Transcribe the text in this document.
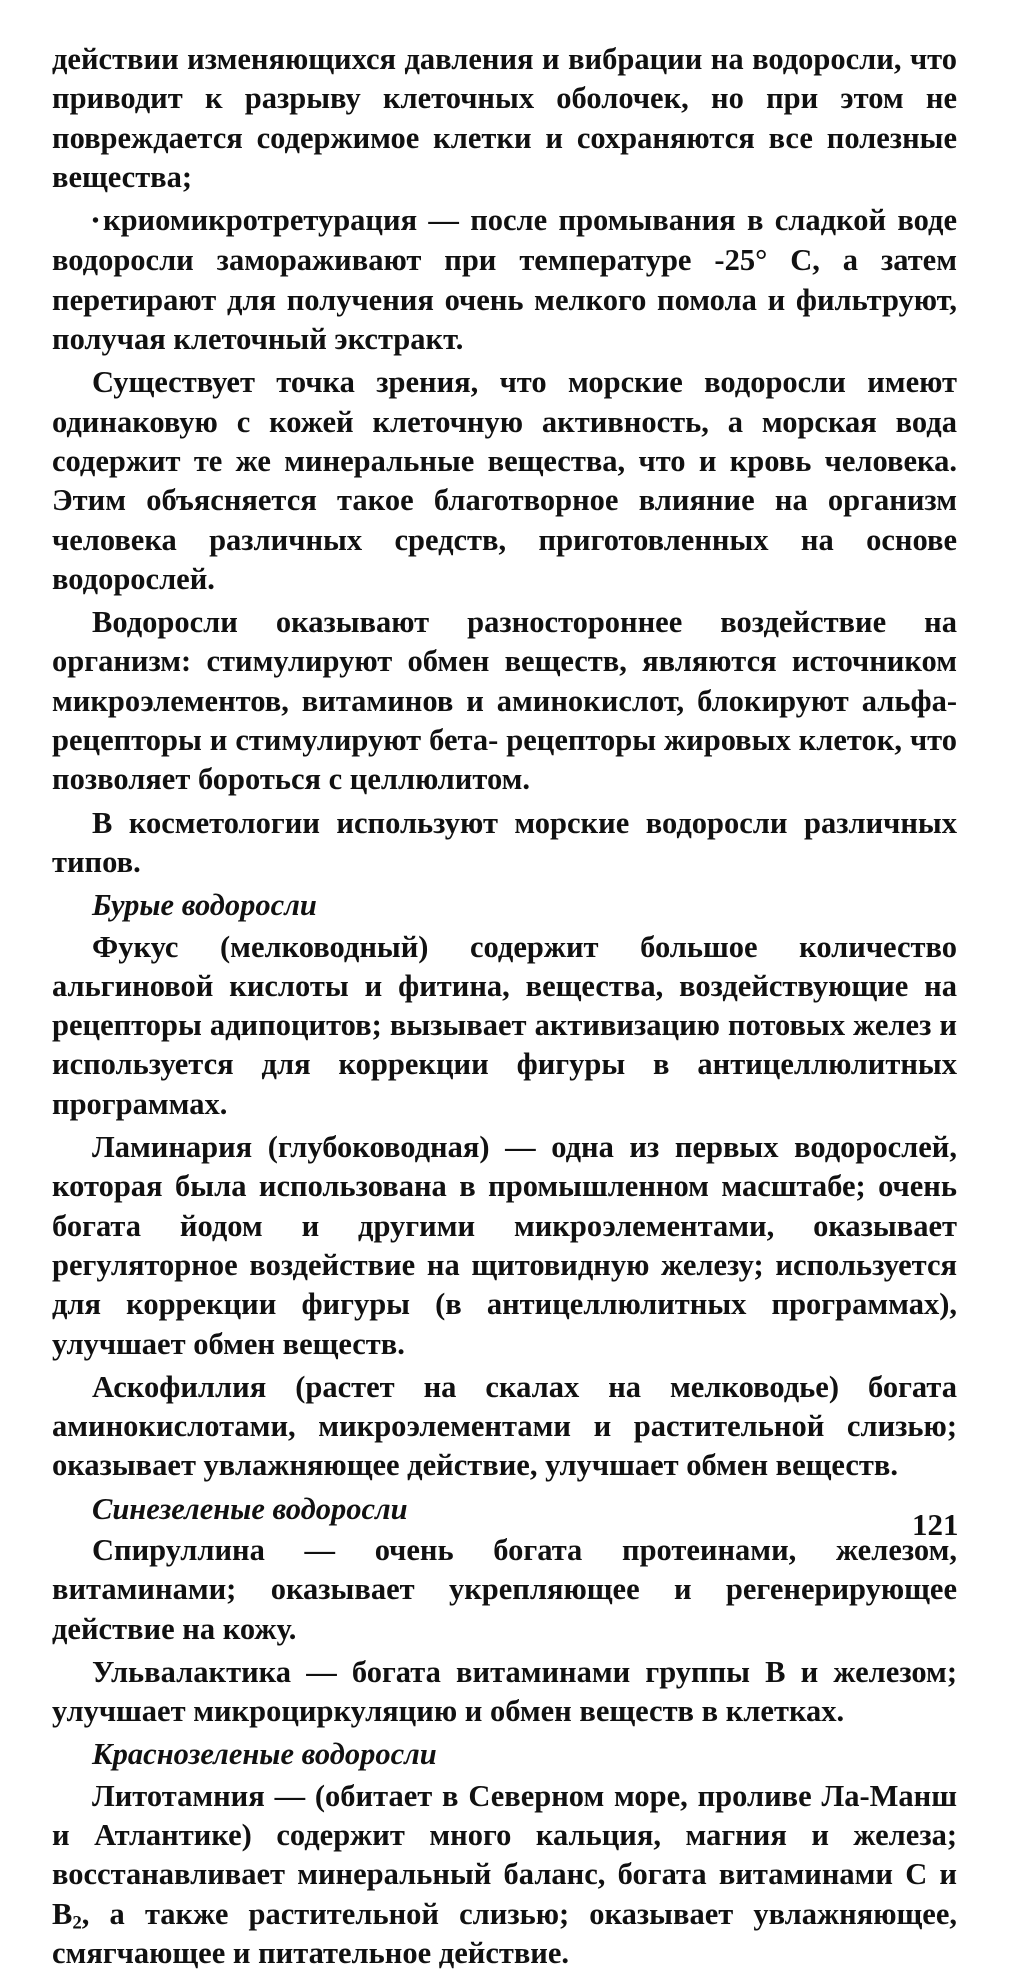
действии изменяющихся давления и вибрации на водоросли, что приводит к разрыву клеточных оболочек, но при этом не повреждается содержимое клетки и сохраняются все полезные вещества;

• криомикротретурация — после промывания в сладкой воде водоросли замораживают при температуре -25° С, а затем перетирают для получения очень мелкого помола и фильтруют, получая клеточный экстракт.

Существует точка зрения, что морские водоросли имеют одинаковую с кожей клеточную активность, а морская вода содержит те же минеральные вещества, что и кровь человека. Этим объясняется такое благотворное влияние на организм человека различных средств, приготовленных на основе водорослей.

Водоросли оказывают разностороннее воздействие на организм: стимулируют обмен веществ, являются источником микроэлементов, витаминов и аминокислот, блокируют альфа-рецепторы и стимулируют бета- рецепторы жировых клеток, что позволяет бороться с целлюлитом.

В косметологии используют морские водоросли различных типов.

Бурые водоросли

Фукус (мелководный) содержит большое количество альгиновой кислоты и фитина, вещества, воздействующие на рецепторы адипоцитов; вызывает активизацию потовых желез и используется для коррекции фигуры в антицеллюлитных программах.

Ламинария (глубоководная) — одна из первых водорослей, которая была использована в промышленном масштабе; очень богата йодом и другими микроэлементами, оказывает регуляторное воздействие на щитовидную железу; используется для коррекции фигуры (в антицеллюлитных программах), улучшает обмен веществ.

Аскофиллия (растет на скалах на мелководье) богата аминокислотами, микроэлементами и растительной слизью; оказывает увлажняющее действие, улучшает обмен веществ.

Синезеленые водоросли

Спируллина — очень богата протеинами, железом, витаминами; оказывает укрепляющее и регенерирующее действие на кожу.

Ульвалактика — богата витаминами группы В и железом; улучшает микроциркуляцию и обмен веществ в клетках.

Краснозеленые водоросли

Литотамния — (обитает в Северном море, проливе Ла-Манш и Атлантике) содержит много кальция, магния и железа; восстанавливает минеральный баланс, богата витаминами С и $В_2$, а также растительной слизью; оказывает увлажняющее, смягчающее и питательное действие.

121
